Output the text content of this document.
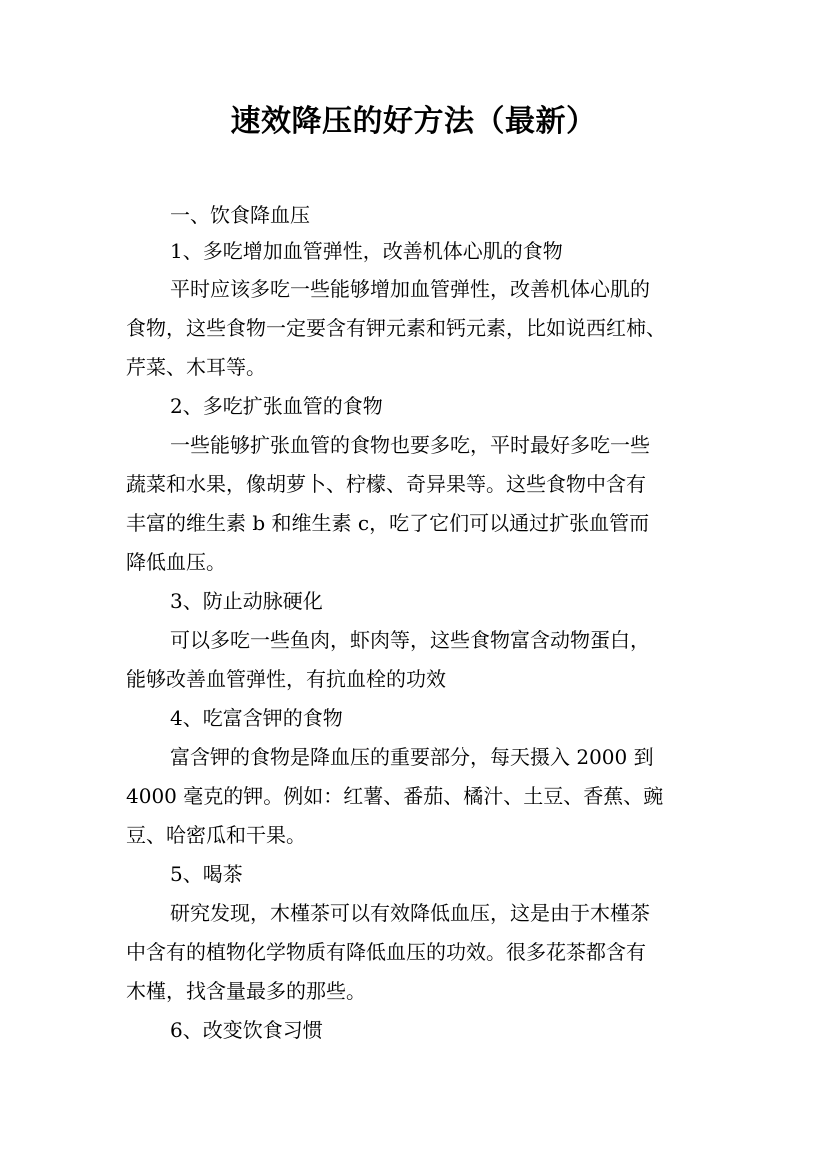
速效降压的好方法（最新）
一、饮食降血压
1、多吃增加血管弹性，改善机体心肌的食物
平时应该多吃一些能够增加血管弹性，改善机体心肌的
食物，这些食物一定要含有钾元素和钙元素，比如说西红柿、
芹菜、木耳等。
2、多吃扩张血管的食物
一些能够扩张血管的食物也要多吃，平时最好多吃一些
蔬菜和水果，像胡萝卜、柠檬、奇异果等。这些食物中含有
丰富的维生素 b 和维生素 c，吃了它们可以通过扩张血管而
降低血压。
3、防止动脉硬化
可以多吃一些鱼肉，虾肉等，这些食物富含动物蛋白，
能够改善血管弹性，有抗血栓的功效
4、吃富含钾的食物
富含钾的食物是降血压的重要部分，每天摄入 2000 到
4000 毫克的钾。例如：红薯、番茄、橘汁、土豆、香蕉、豌
豆、哈密瓜和干果。
5、喝茶
研究发现，木槿茶可以有效降低血压，这是由于木槿茶
中含有的植物化学物质有降低血压的功效。很多花茶都含有
木槿，找含量最多的那些。
6、改变饮食习惯
